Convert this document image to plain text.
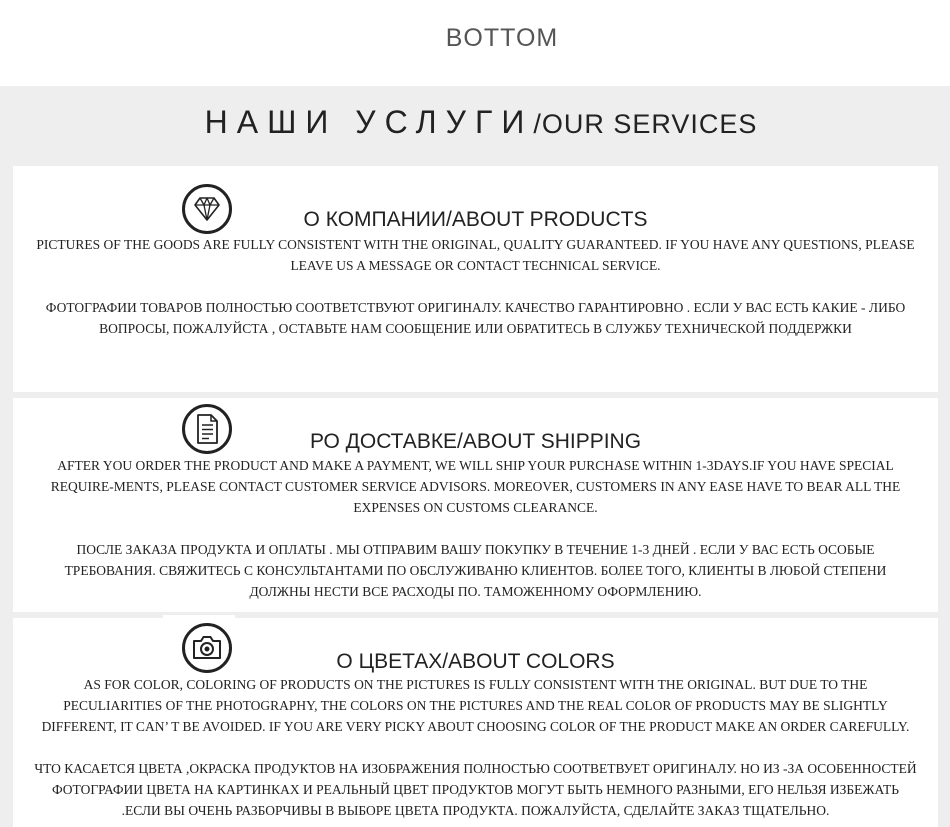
BOTTOM
НАШИ УСЛУГИ/OUR SERVICES
О КОМПАНИИ/ABOUT PRODUCTS
PICTURES OF THE GOODS ARE FULLY CONSISTENT WITH THE ORIGINAL, QUALITY GUARANTEED. IF YOU HAVE ANY QUESTIONS, PLEASE LEAVE US A MESSAGE OR CONTACT TECHNICAL SERVICE.
ФОТОГРАФИИ ТОВАРОВ ПОЛНОСТЬЮ СООТВЕТСТВУЮТ ОРИГИНАЛУ. КАЧЕСТВО ГАРАНТИРОВНО . ЕСЛИ У ВАС ЕСТЬ КАКИЕ - ЛИБО ВОПРОСЫ, ПОЖАЛУЙСТА , ОСТАВЬТЕ НАМ СООБЩЕНИЕ ИЛИ ОБРАТИТЕСЬ В СЛУЖБУ ТЕХНИЧЕСКОЙ ПОДДЕРЖКИ
РО ДОСТАВКЕ/ABOUT SHIPPING
AFTER YOU ORDER THE PRODUCT AND MAKE A PAYMENT, WE WILL SHIP YOUR PURCHASE WITHIN 1-3DAYS.IF YOU HAVE SPECIAL REQUIRE-MENTS, PLEASE CONTACT CUSTOMER SERVICE ADVISORS. MOREOVER, CUSTOMERS IN ANY EASE HAVE TO BEAR ALL THE EXPENSES ON CUSTOMS CLEARANCE.
ПОСЛЕ ЗАКАЗА ПРОДУКТА И ОПЛАТЫ . МЫ ОТПРАВИМ ВАШУ ПОКУПКУ В ТЕЧЕНИЕ 1-3 ДНЕЙ . ЕСЛИ У ВАС ЕСТЬ ОСОБЫЕ ТРЕБОВАНИЯ. СВЯЖИТЕСЬ С КОНСУЛЬТАНТАМИ ПО ОБСЛУЖИВАНЮ КЛИЕНТОВ. БОЛЕЕ ТОГО, КЛИЕНТЫ В ЛЮБОЙ СТЕПЕНИ ДОЛЖНЫ НЕСТИ ВСЕ РАСХОДЫ ПО. ТАМОЖЕННОМУ ОФОРМЛЕНИЮ.
О ЦВЕТАХ/ABOUT COLORS
AS FOR COLOR, COLORING OF PRODUCTS ON THE PICTURES IS FULLY CONSISTENT WITH THE ORIGINAL. BUT DUE TO THE PECULIARITIES OF THE PHOTOGRAPHY, THE COLORS ON THE PICTURES AND THE REAL COLOR OF PRODUCTS MAY BE SLIGHTLY DIFFERENT, IT CAN’ T BE AVOIDED. IF YOU ARE VERY PICKY ABOUT CHOOSING COLOR OF THE PRODUCT MAKE AN ORDER CAREFULLY.
ЧТО КАСАЕТСЯ ЦВЕТА ,ОКРАСКА ПРОДУКТОВ НА ИЗОБРАЖЕНИЯ ПОЛНОСТЬЮ СООТВЕТВУЕТ ОРИГИНАЛУ. НО ИЗ -ЗА ОСОБЕННОСТЕЙ ФОТОГРАФИИ ЦВЕТА НА КАРТИНКАХ И РЕАЛЬНЫЙ ЦВЕТ ПРОДУКТОВ МОГУТ БЫТЬ НЕМНОГО РАЗНЫМИ, ЕГО НЕЛЬЗЯ ИЗБЕЖАТЬ .ЕСЛИ ВЫ ОЧЕНЬ РАЗБОРЧИВЫ В ВЫБОРЕ ЦВЕТА ПРОДУКТА. ПОЖАЛУЙСТА, СДЕЛАЙТЕ ЗАКАЗ ТЩАТЕЛЬНО.
